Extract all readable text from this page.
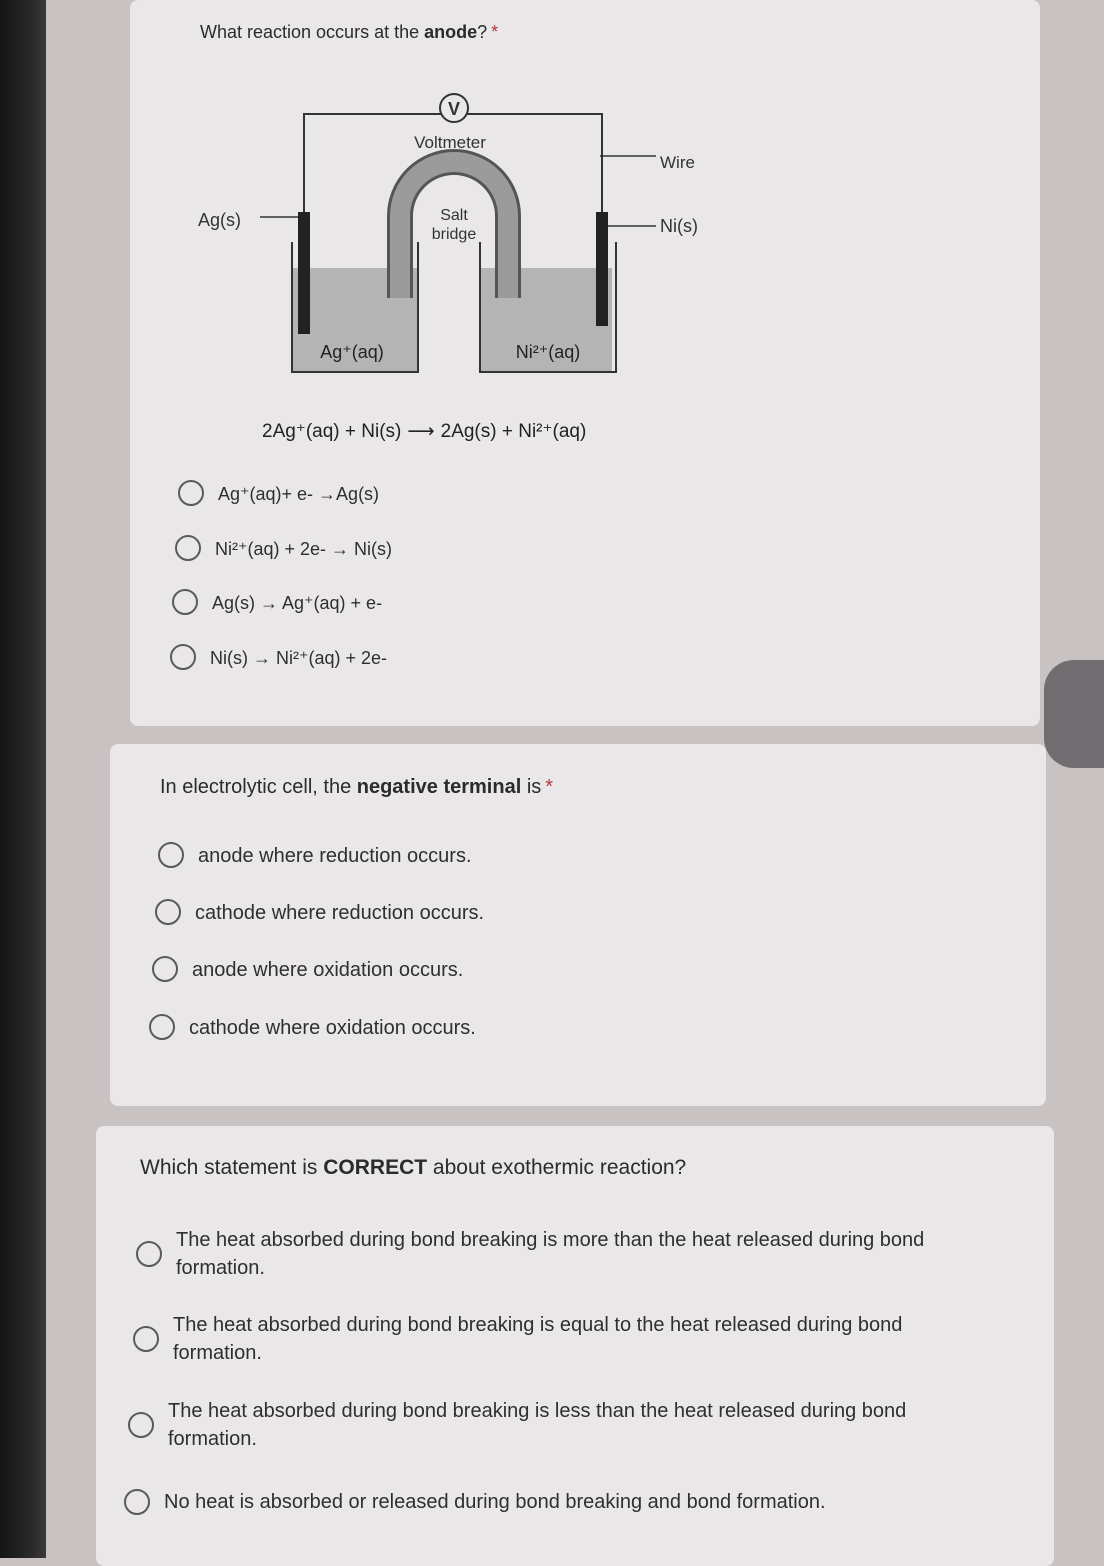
What reaction occurs at the anode? *

V
Voltmeter
Wire
Salt
bridge
Ag(s)	Ni(s)
Ag⁺(aq)	Ni²⁺(aq)
2Ag⁺(aq) + Ni(s) ⟶ 2Ag(s) + Ni²⁺(aq)
Ag⁺(aq)+ e- →Ag(s)
Ni²⁺(aq) + 2e- → Ni(s)
Ag(s) → Ag⁺(aq) + e-
Ni(s) → Ni²⁺(aq) + 2e-

In electrolytic cell, the negative terminal is *

anode where reduction occurs.
cathode where reduction occurs.
anode where oxidation occurs.
cathode where oxidation occurs.

Which statement is CORRECT about exothermic reaction?

The heat absorbed during bond breaking is more than the heat released during bond formation.
The heat absorbed during bond breaking is equal to the heat released during bond formation.
The heat absorbed during bond breaking is less than the heat released during bond formation.
No heat is absorbed or released during bond breaking and bond formation.
